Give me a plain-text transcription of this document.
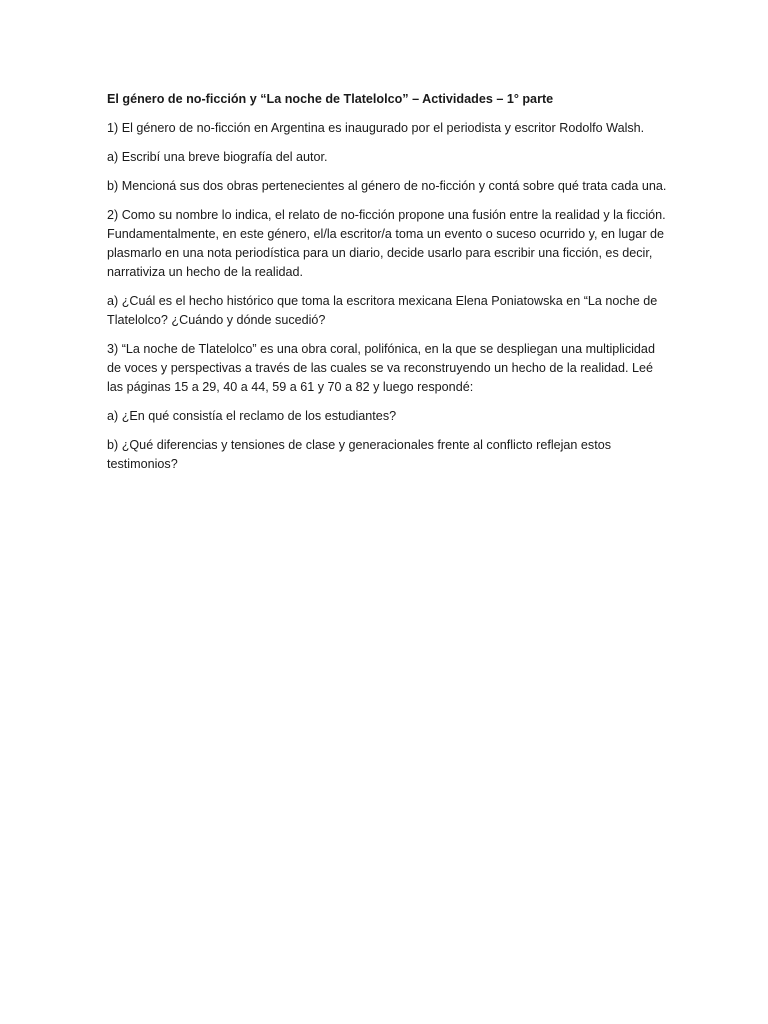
El género de no-ficción y “La noche de Tlatelolco” – Actividades – 1° parte

1) El género de no-ficción en Argentina es inaugurado por el periodista y escritor Rodolfo Walsh.

a) Escribí una breve biografía del autor.

b) Mencioná sus dos obras pertenecientes al género de no-ficción y contá sobre qué trata cada una.

2) Como su nombre lo indica, el relato de no-ficción propone una fusión entre la realidad y la ficción. Fundamentalmente, en este género, el/la escritor/a toma un evento o suceso ocurrido y, en lugar de plasmarlo en una nota periodística para un diario, decide usarlo para escribir una ficción, es decir, narrativiza un hecho de la realidad.

a) ¿Cuál es el hecho histórico que toma la escritora mexicana Elena Poniatowska en “La noche de Tlatelolco? ¿Cuándo y dónde sucedió?

3) “La noche de Tlatelolco” es una obra coral, polifónica, en la que se despliegan una multiplicidad de voces y perspectivas a través de las cuales se va reconstruyendo un hecho de la realidad. Leé las páginas 15 a 29, 40 a 44, 59 a 61 y 70 a 82 y luego respondé:

a) ¿En qué consistía el reclamo de los estudiantes?

b) ¿Qué diferencias y tensiones de clase y generacionales frente al conflicto reflejan estos testimonios?
